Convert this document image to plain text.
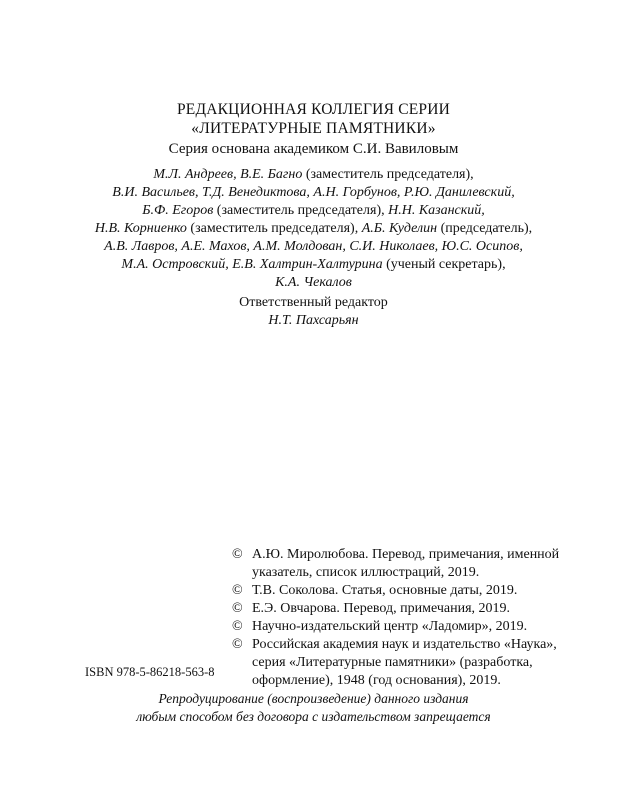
РЕДАКЦИОННАЯ КОЛЛЕГИЯ СЕРИИ
«ЛИТЕРАТУРНЫЕ ПАМЯТНИКИ»
Серия основана академиком С.И. Вавиловым
М.Л. Андреев, В.Е. Багно (заместитель председателя),
В.И. Васильев, Т.Д. Венедиктова, А.Н. Горбунов, Р.Ю. Данилевский,
Б.Ф. Егоров (заместитель председателя), Н.Н. Казанский,
Н.В. Корниенко (заместитель председателя), А.Б. Куделин (председатель),
А.В. Лавров, А.Е. Махов, А.М. Молдован, С.И. Николаев, Ю.С. Осипов,
М.А. Островский, Е.В. Халтрин-Халтурина (ученый секретарь),
К.А. Чекалов
Ответственный редактор
Н.Т. Пахсарьян
© А.Ю. Миролюбова. Перевод, примечания, именной указатель, список иллюстраций, 2019.
© Т.В. Соколова. Статья, основные даты, 2019.
© Е.Э. Овчарова. Перевод, примечания, 2019.
© Научно-издательский центр «Ладомир», 2019.
© Российская академия наук и издательство «Наука», серия «Литературные памятники» (разработка, оформление), 1948 (год основания), 2019.
ISBN 978-5-86218-563-8
Репродуцирование (воспроизведение) данного издания
любым способом без договора с издательством запрещается
